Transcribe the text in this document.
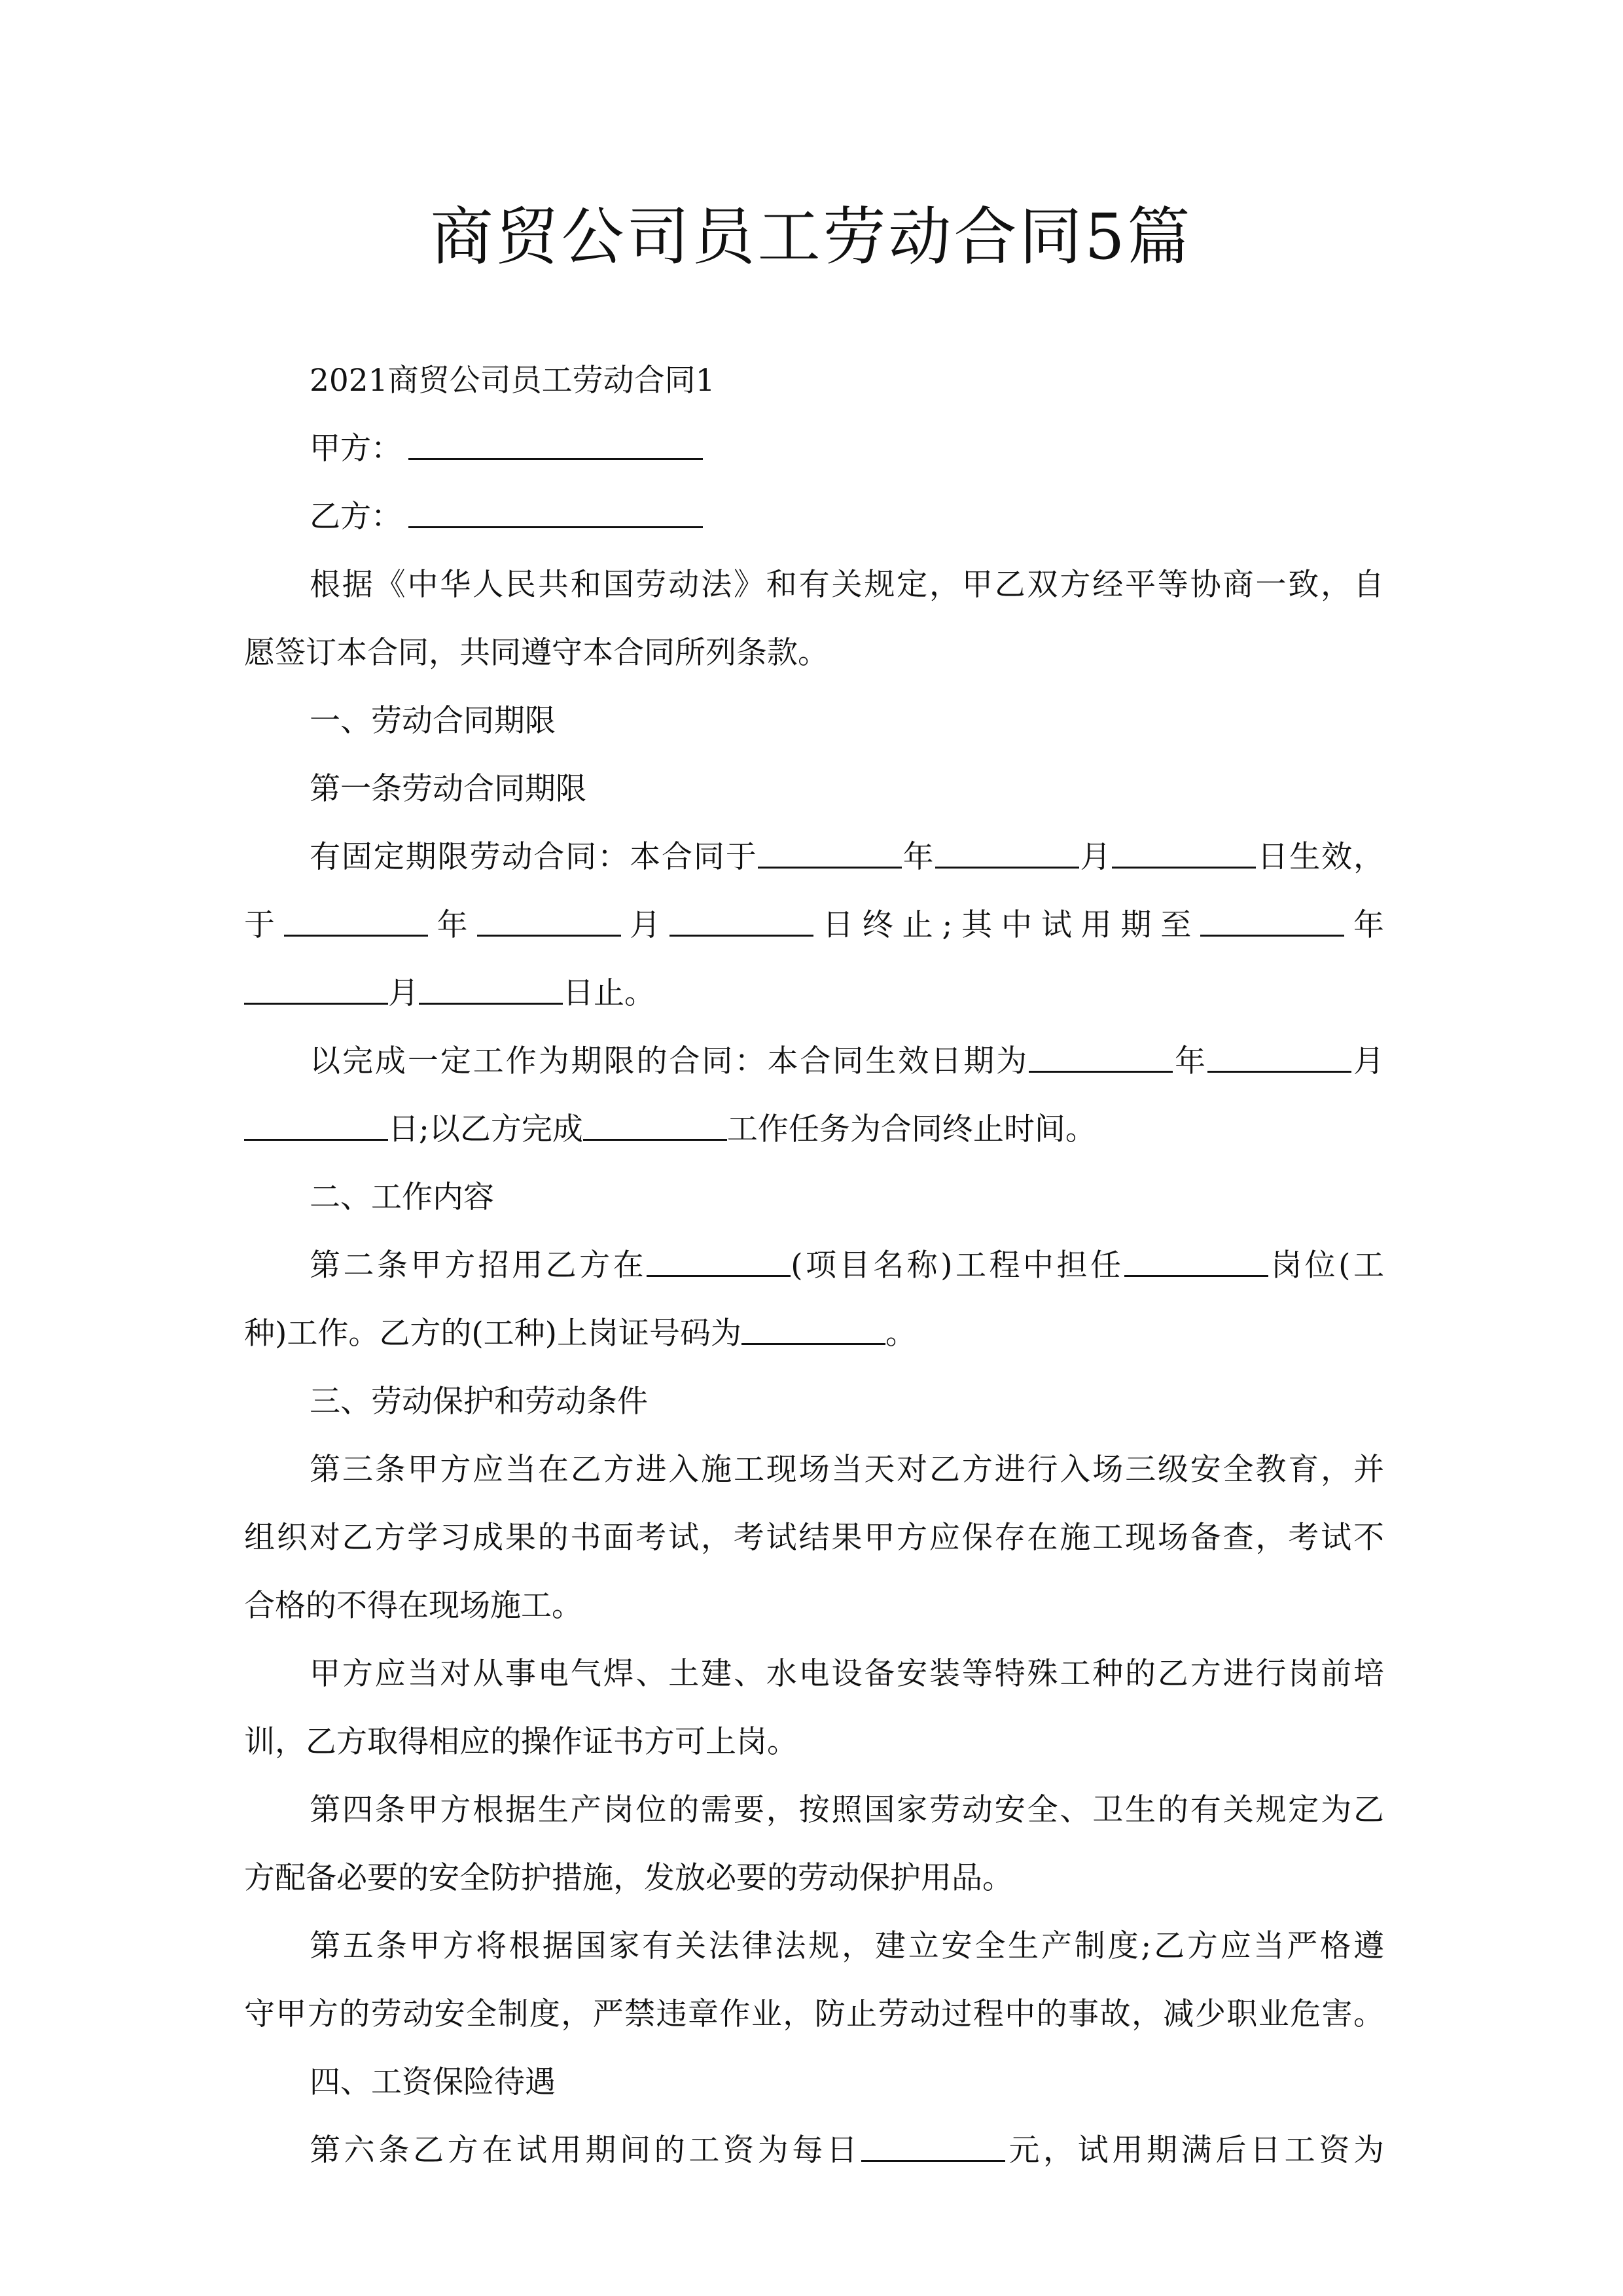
商贸公司员工劳动合同5篇
2021商贸公司员工劳动合同1
甲方：
乙方：
根据《中华人民共和国劳动法》和有关规定，甲乙双方经平等协商一致，自
愿签订本合同，共同遵守本合同所列条款。
一、劳动合同期限
第一条劳动合同期限
有固定期限劳动合同：本合同于	年	月	日生效，
于	年	月	日终止;其中试用期至	年
月	日止。
以完成一定工作为期限的合同：本合同生效日期为	年	月
日;以乙方完成	工作任务为合同终止时间。
二、工作内容
第二条甲方招用乙方在	(项目名称)工程中担任	岗位(工
种)工作。乙方的(工种)上岗证号码为	。
三、劳动保护和劳动条件
第三条甲方应当在乙方进入施工现场当天对乙方进行入场三级安全教育，并
组织对乙方学习成果的书面考试，考试结果甲方应保存在施工现场备查，考试不
合格的不得在现场施工。
甲方应当对从事电气焊、土建、水电设备安装等特殊工种的乙方进行岗前培
训，乙方取得相应的操作证书方可上岗。
第四条甲方根据生产岗位的需要，按照国家劳动安全、卫生的有关规定为乙
方配备必要的安全防护措施，发放必要的劳动保护用品。
第五条甲方将根据国家有关法律法规，建立安全生产制度;乙方应当严格遵
守甲方的劳动安全制度，严禁违章作业，防止劳动过程中的事故，减少职业危害。
四、工资保险待遇
第六条乙方在试用期间的工资为每日	元，试用期满后日工资为
